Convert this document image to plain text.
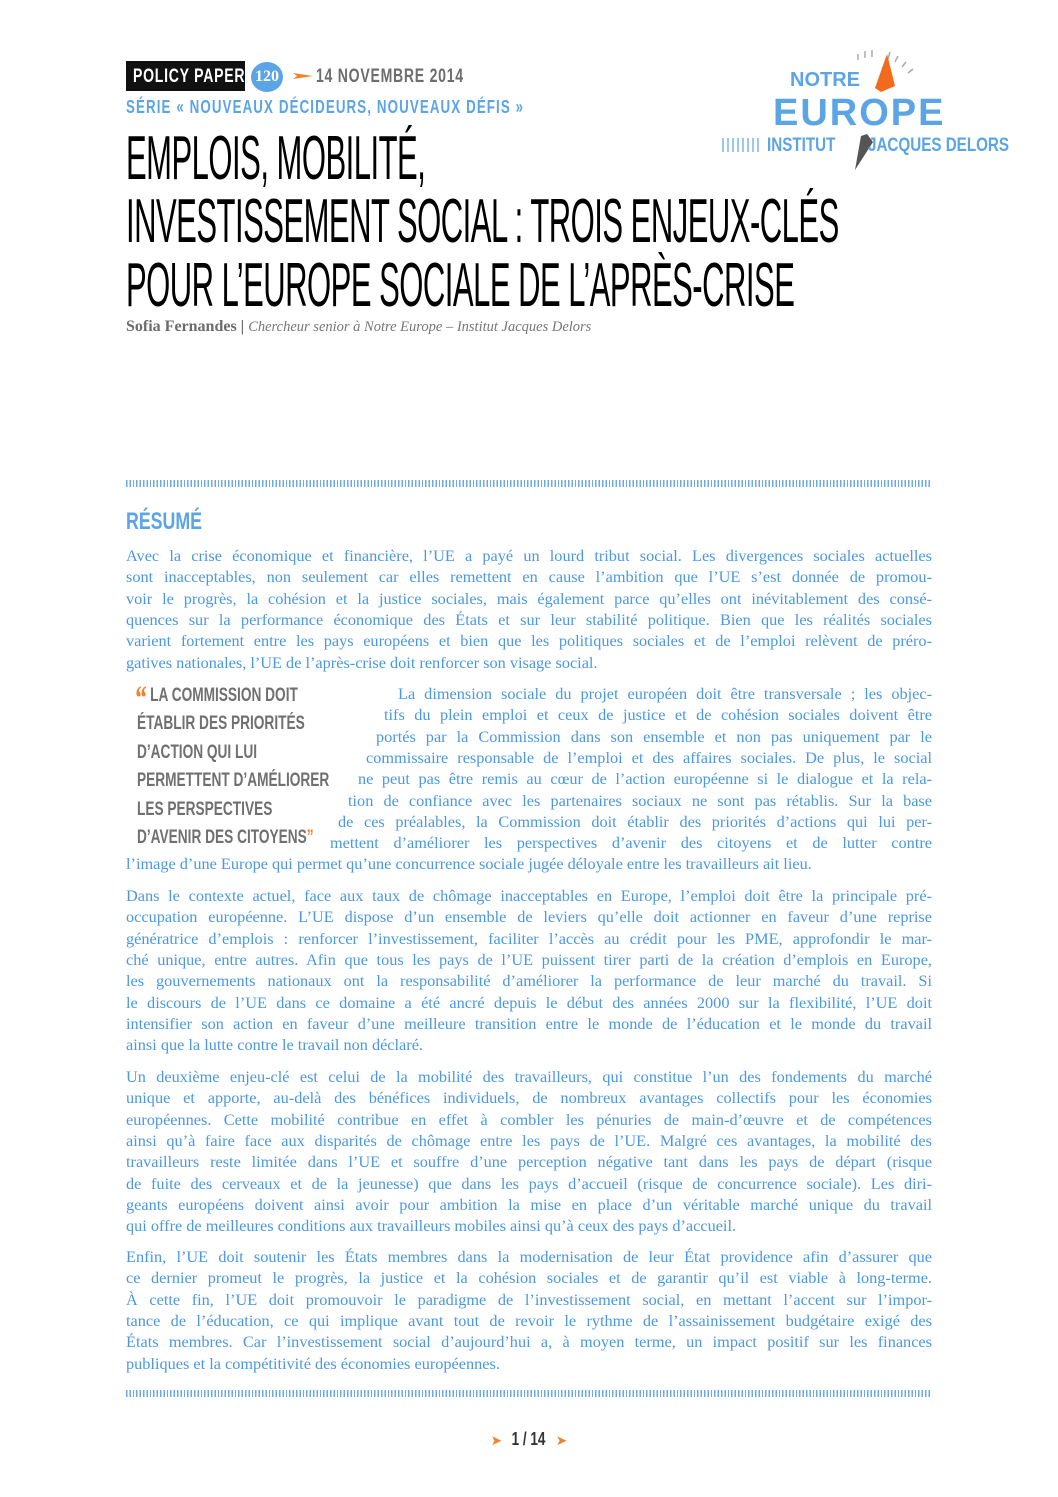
POLICY PAPER 120 14 NOVEMBRE 2014
SÉRIE « NOUVEAUX DÉCIDEURS, NOUVEAUX DÉFIS »
NOTRE
EUROPE
INSTITUT JACQUES DELORS
EMPLOIS, MOBILITÉ,
INVESTISSEMENT SOCIAL : TROIS ENJEUX-CLÉS
POUR L’EUROPE SOCIALE DE L’APRÈS-CRISE
Sofia Fernandes | Chercheur senior à Notre Europe – Institut Jacques Delors
RÉSUMÉ
“ LA COMMISSION DOIT
ÉTABLIR DES PRIORITÉS
D’ACTION QUI LUI
PERMETTENT D’AMÉLIORER
LES PERSPECTIVES
D’AVENIR DES CITOYENS”
Avec la crise économique et financière, l’UE a payé un lourd tribut social. Les divergences sociales actuelles
sont inacceptables, non seulement car elles remettent en cause l’ambition que l’UE s’est donnée de promou-
voir le progrès, la cohésion et la justice sociales, mais également parce qu’elles ont inévitablement des consé-
quences sur la performance économique des États et sur leur stabilité politique. Bien que les réalités sociales
varient fortement entre les pays européens et bien que les politiques sociales et de l’emploi relèvent de préro-
gatives nationales, l’UE de l’après-crise doit renforcer son visage social.
La dimension sociale du projet européen doit être transversale ; les objec-
tifs du plein emploi et ceux de justice et de cohésion sociales doivent être
portés par la Commission dans son ensemble et non pas uniquement par le
commissaire responsable de l’emploi et des affaires sociales. De plus, le social
ne peut pas être remis au cœur de l’action européenne si le dialogue et la rela-
tion de confiance avec les partenaires sociaux ne sont pas rétablis. Sur la base
de ces préalables, la Commission doit établir des priorités d’actions qui lui per-
mettent d’améliorer les perspectives d’avenir des citoyens et de lutter contre
l’image d’une Europe qui permet qu’une concurrence sociale jugée déloyale entre les travailleurs ait lieu.
Dans le contexte actuel, face aux taux de chômage inacceptables en Europe, l’emploi doit être la principale pré-
occupation européenne. L’UE dispose d’un ensemble de leviers qu’elle doit actionner en faveur d’une reprise
génératrice d’emplois : renforcer l’investissement, faciliter l’accès au crédit pour les PME, approfondir le mar-
ché unique, entre autres. Afin que tous les pays de l’UE puissent tirer parti de la création d’emplois en Europe,
les gouvernements nationaux ont la responsabilité d’améliorer la performance de leur marché du travail. Si
le discours de l’UE dans ce domaine a été ancré depuis le début des années 2000 sur la flexibilité, l’UE doit
intensifier son action en faveur d’une meilleure transition entre le monde de l’éducation et le monde du travail
ainsi que la lutte contre le travail non déclaré.
Un deuxième enjeu-clé est celui de la mobilité des travailleurs, qui constitue l’un des fondements du marché
unique et apporte, au-delà des bénéfices individuels, de nombreux avantages collectifs pour les économies
européennes. Cette mobilité contribue en effet à combler les pénuries de main-d’œuvre et de compétences
ainsi qu’à faire face aux disparités de chômage entre les pays de l’UE. Malgré ces avantages, la mobilité des
travailleurs reste limitée dans l’UE et souffre d’une perception négative tant dans les pays de départ (risque
de fuite des cerveaux et de la jeunesse) que dans les pays d’accueil (risque de concurrence sociale). Les diri-
geants européens doivent ainsi avoir pour ambition la mise en place d’un véritable marché unique du travail
qui offre de meilleures conditions aux travailleurs mobiles ainsi qu’à ceux des pays d’accueil.
Enfin, l’UE doit soutenir les États membres dans la modernisation de leur État providence afin d’assurer que
ce dernier promeut le progrès, la justice et la cohésion sociales et de garantir qu’il est viable à long-terme.
À cette fin, l’UE doit promouvoir le paradigme de l’investissement social, en mettant l’accent sur l’impor-
tance de l’éducation, ce qui implique avant tout de revoir le rythme de l’assainissement budgétaire exigé des
États membres. Car l’investissement social d’aujourd’hui a, à moyen terme, un impact positif sur les finances
publiques et la compétitivité des économies européennes.
➤ 1 / 14 ➤
